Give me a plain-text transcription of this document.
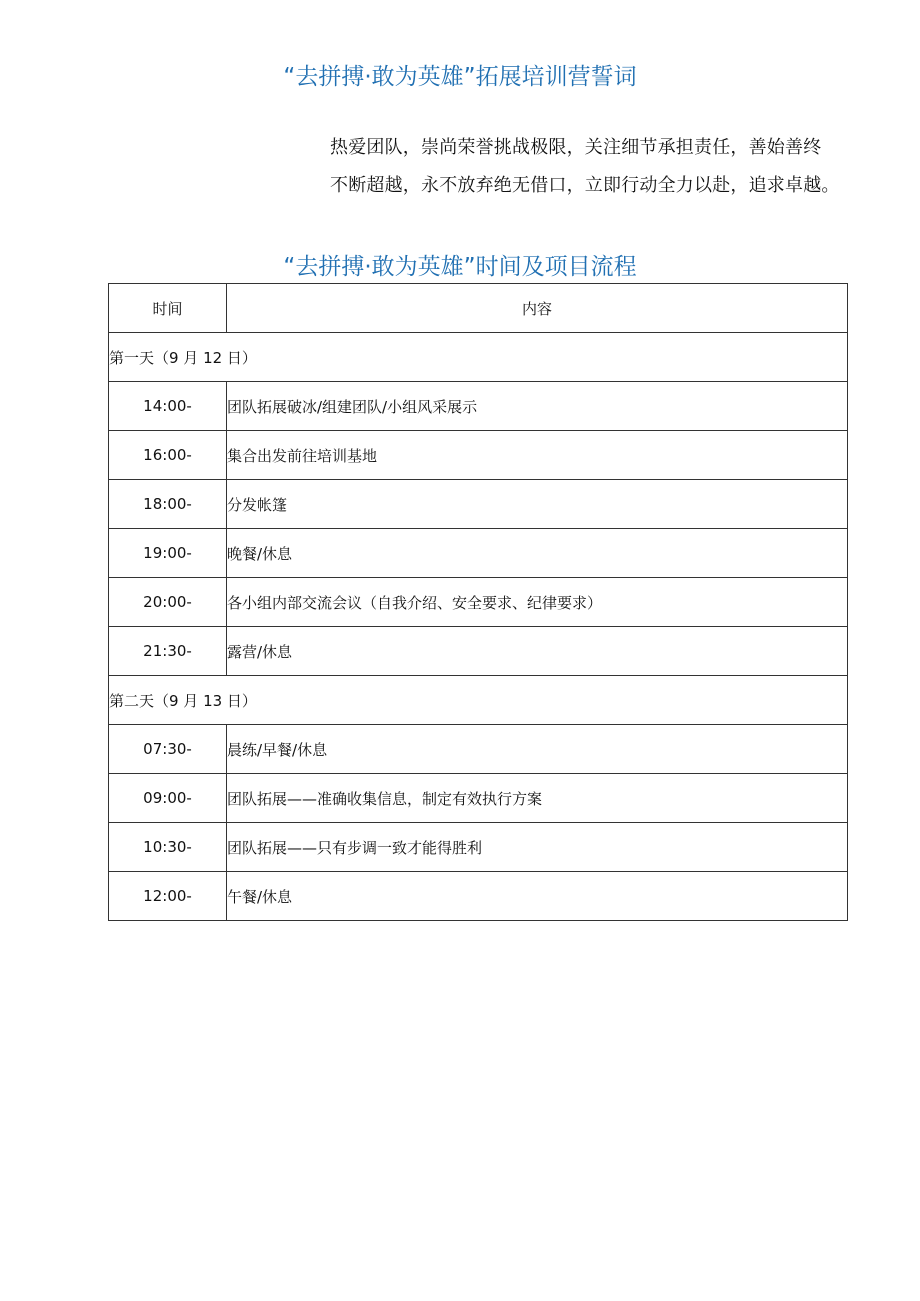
“去拼搏·敢为英雄”拓展培训营誓词
热爱团队，崇尚荣誉挑战极限，关注细节承担责任，善始善终
不断超越，永不放弃绝无借口，立即行动全力以赴，追求卓越。
“去拼搏·敢为英雄”时间及项目流程
时间	内容
第一天（9 月 12 日）	
14:00-	团队拓展破冰/组建团队/小组风采展示
16:00-	集合出发前往培训基地
18:00-	分发帐篷
19:00-	晚餐/休息
20:00-	各小组内部交流会议（自我介绍、安全要求、纪律要求）
21:30-	露营/休息
第二天（9 月 13 日）	
07:30-	晨练/早餐/休息
09:00-	团队拓展——准确收集信息，制定有效执行方案
10:30-	团队拓展——只有步调一致才能得胜利
12:00-	午餐/休息
